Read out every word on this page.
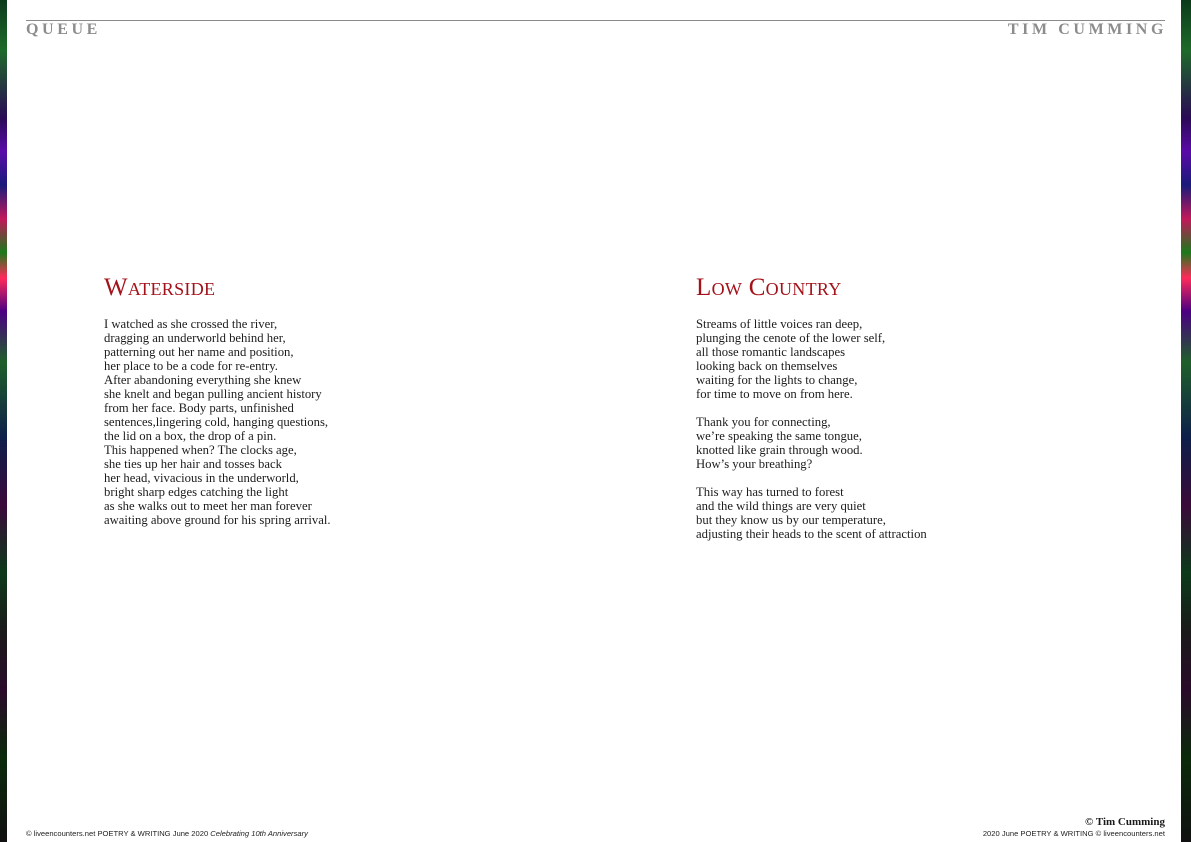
QUEUE	TIM CUMMING

Waterside
I watched as she crossed the river,
dragging an underworld behind her,
patterning out her name and position,
her place to be a code for re-entry.
After abandoning everything she knew
she knelt and began pulling ancient history
from her face. Body parts, unfinished
sentences,lingering cold, hanging questions,
the lid on a box, the drop of a pin.
This happened when? The clocks age,
she ties up her hair and tosses back
her head, vivacious in the underworld,
bright sharp edges catching the light
as she walks out to meet her man forever
awaiting above ground for his spring arrival.
Low Country
Streams of little voices ran deep,
plunging the cenote of the lower self,
all those romantic landscapes
looking back on themselves
waiting for the lights to change,
for time to move on from here.
Thank you for connecting,
we’re speaking the same tongue,
knotted like grain through wood.
How’s your breathing?
This way has turned to forest
and the wild things are very quiet
but they know us by our temperature,
adjusting their heads to the scent of attraction
© liveencounters.net POETRY & WRITING June 2020 Celebrating 10th Anniversary
© Tim Cumming
2020 June POETRY & WRITING © liveencounters.net
